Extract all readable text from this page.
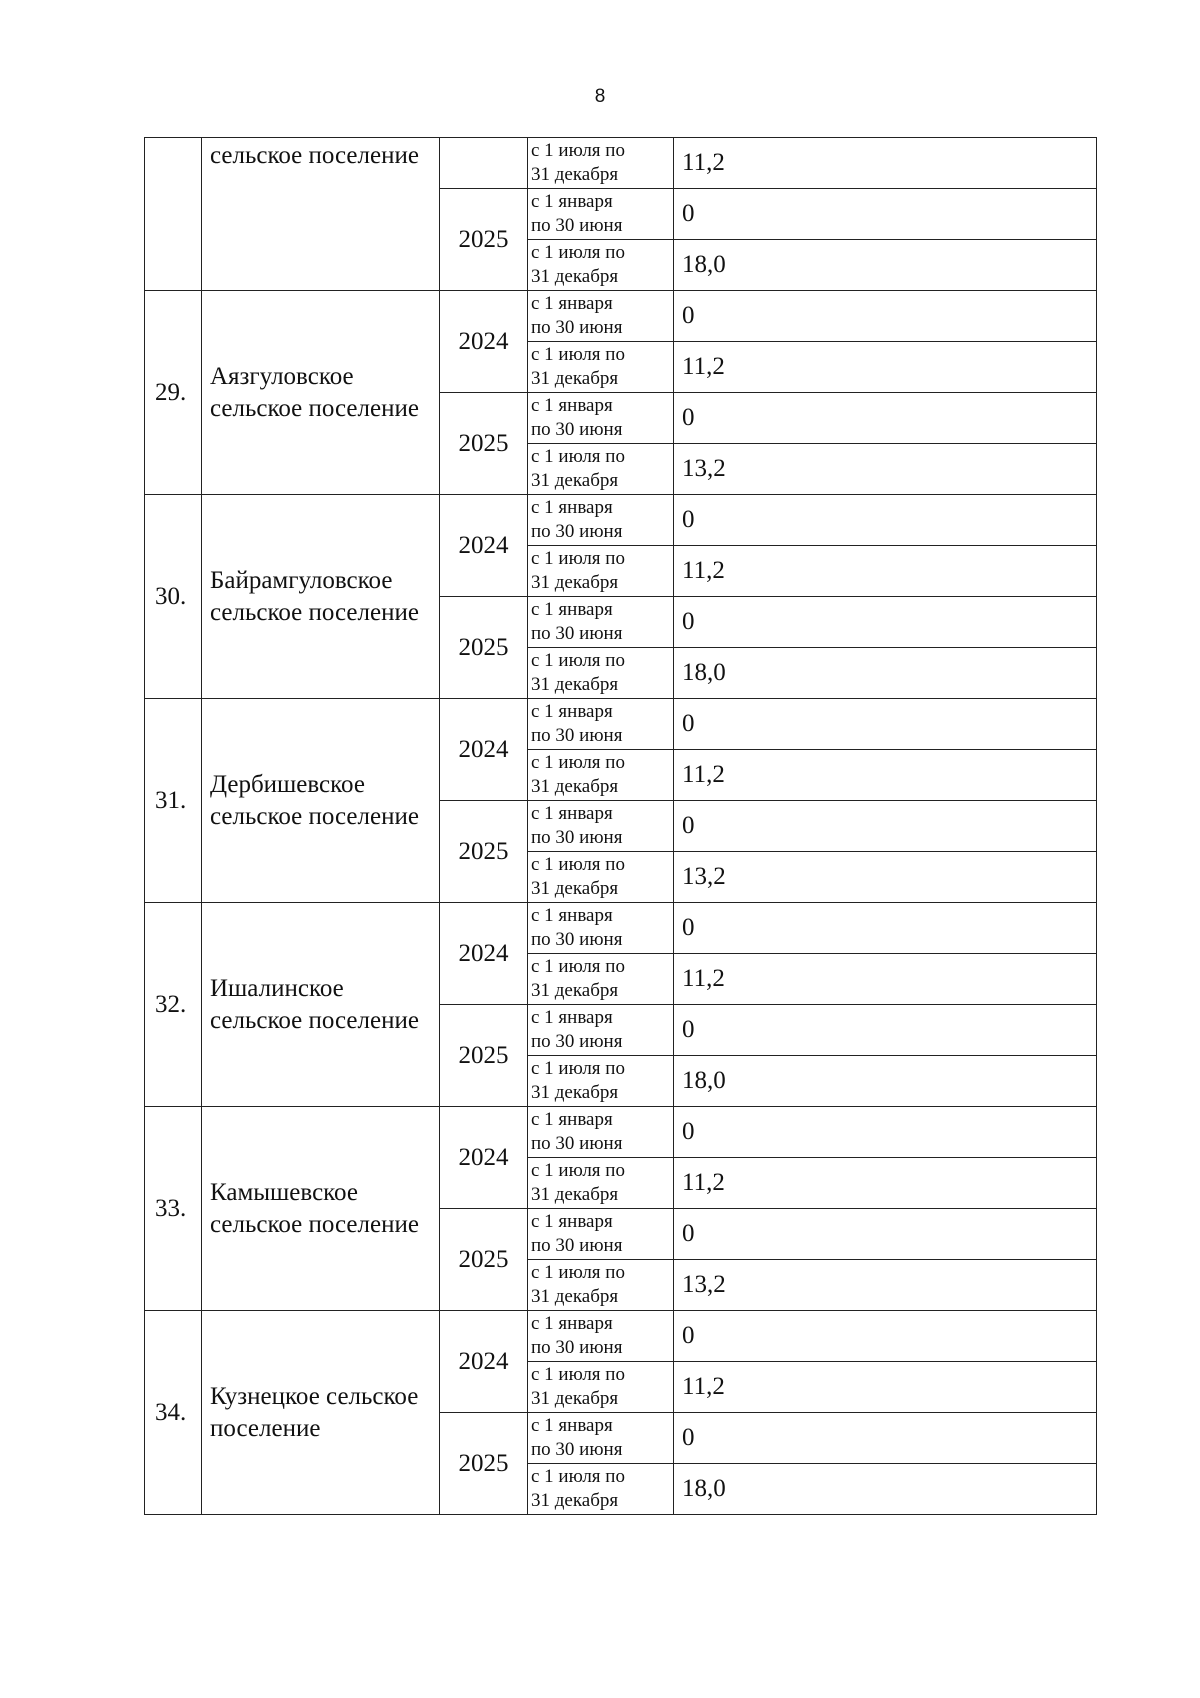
8
	сельское поселение		с 1 июля по
31 декабря	11,2
		2025	с 1 января
по 30 июня	0

			с 1 июля по
31 декабря	18,0
29.	Аязгуловское сельское поселение	2024	с 1 января
по 30 июня	0

			с 1 июля по
31 декабря	11,2
		2025	с 1 января
по 30 июня	0

			с 1 июля по
31 декабря	13,2
30.	Байрамгуловское сельское поселение	2024	с 1 января
по 30 июня	0

			с 1 июля по
31 декабря	11,2
		2025	с 1 января
по 30 июня	0

			с 1 июля по
31 декабря	18,0
31.	Дербишевское сельское поселение	2024	с 1 января
по 30 июня	0

			с 1 июля по
31 декабря	11,2
		2025	с 1 января
по 30 июня	0

			с 1 июля по
31 декабря	13,2
32.	Ишалинское сельское поселение	2024	с 1 января
по 30 июня	0

			с 1 июля по
31 декабря	11,2
		2025	с 1 января
по 30 июня	0

			с 1 июля по
31 декабря	18,0
33.	Камышевское сельское поселение	2024	с 1 января
по 30 июня	0

			с 1 июля по
31 декабря	11,2
		2025	с 1 января
по 30 июня	0

			с 1 июля по
31 декабря	13,2
34.	Кузнецкое сельское поселение	2024	с 1 января
по 30 июня	0

			с 1 июля по
31 декабря	11,2
		2025	с 1 января
по 30 июня	0

			с 1 июля по
31 декабря	18,0
